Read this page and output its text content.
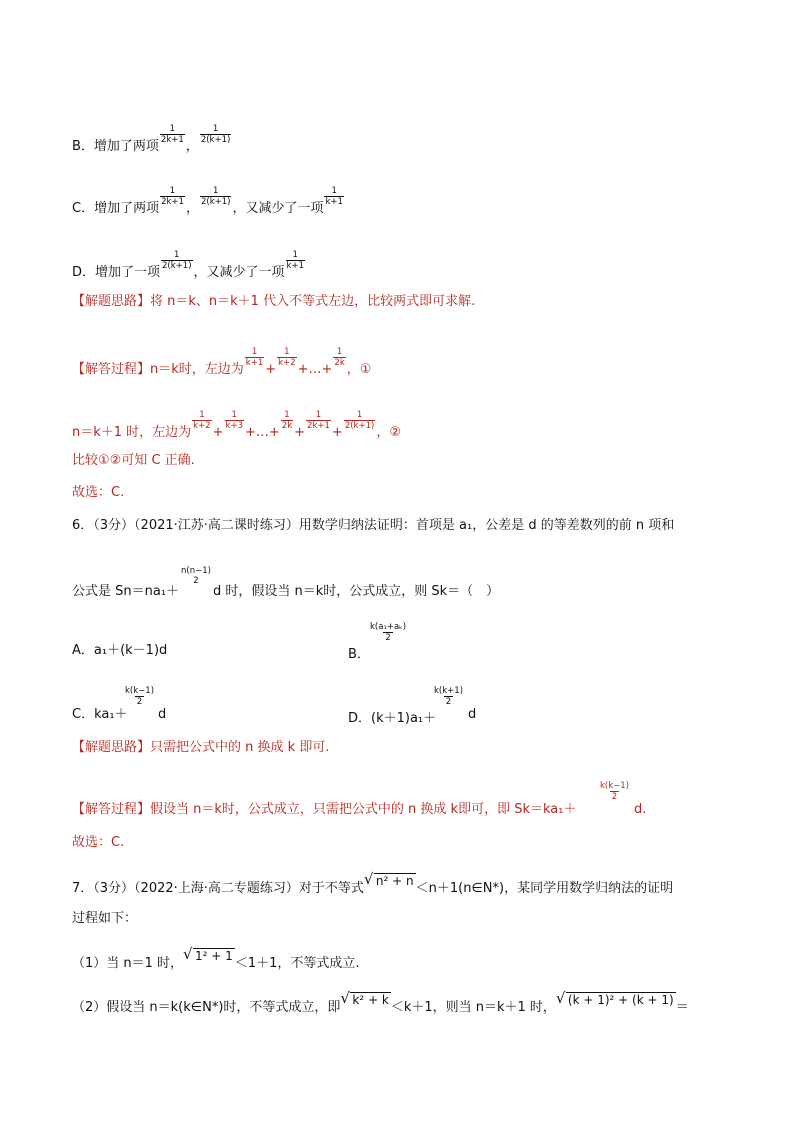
B．增加了两项
$\frac{1}{2k+1}$
，
$\frac{1}{2(k+1)}$
C．增加了两项
$\frac{1}{2k+1}$
，
$\frac{1}{2(k+1)}$
，又减少了一项
$\frac{1}{k+1}$
D．增加了一项
$\frac{1}{2(k+1)}$
，又减少了一项
$\frac{1}{k+1}$
【解题思路】将 n＝k、n＝k＋1 代入不等式左边，比较两式即可求解.
【解答过程】n＝k时，左边为
$\frac{1}{k+1}$
+
$\frac{1}{k+2}$
+…+
$\frac{1}{2k}$
，①
n＝k＋1 时，左边为
$\frac{1}{k+2}$
+
$\frac{1}{k+3}$
+…+
$\frac{1}{2k}$
+
$\frac{1}{2k+1}$
+
$\frac{1}{2(k+1)}$
，②
比较①②可知 C 正确.
故选：C.
6．（3分）（2021·江苏·高二课时练习）用数学归纳法证明：首项是 a₁，公差是 d 的等差数列的前 n 项和
公式是 Sn＝na₁＋
n(n−1)
2
d 时，假设当 n＝k时，公式成立，则 Sk＝（　）
A．a₁＋(k－1)d	B．
k(a₁+aₖ)
2
C．ka₁＋
k(k−1)
2
d	D．(k＋1)a₁＋
k(k+1)
2
d
【解题思路】只需把公式中的 n 换成 k 即可.
【解答过程】假设当 n＝k时，公式成立，只需把公式中的 n 换成 k即可，即 Sk＝ka₁＋
k(k−1)
2
d.
故选：C.
7．（3分）（2022·上海·高二专题练习）对于不等式
√ n² + n ＜n＋1(n∈N*)，某同学用数学归纳法的证明
过程如下：
（1）当 n＝1 时，
√ 1² + 1 ＜1＋1，不等式成立.
（2）假设当 n＝k(k∈N*)时，不等式成立，即
√ k² + k ＜k＋1，则当 n＝k＋1 时，
√ (k + 1)² + (k + 1) ＝
